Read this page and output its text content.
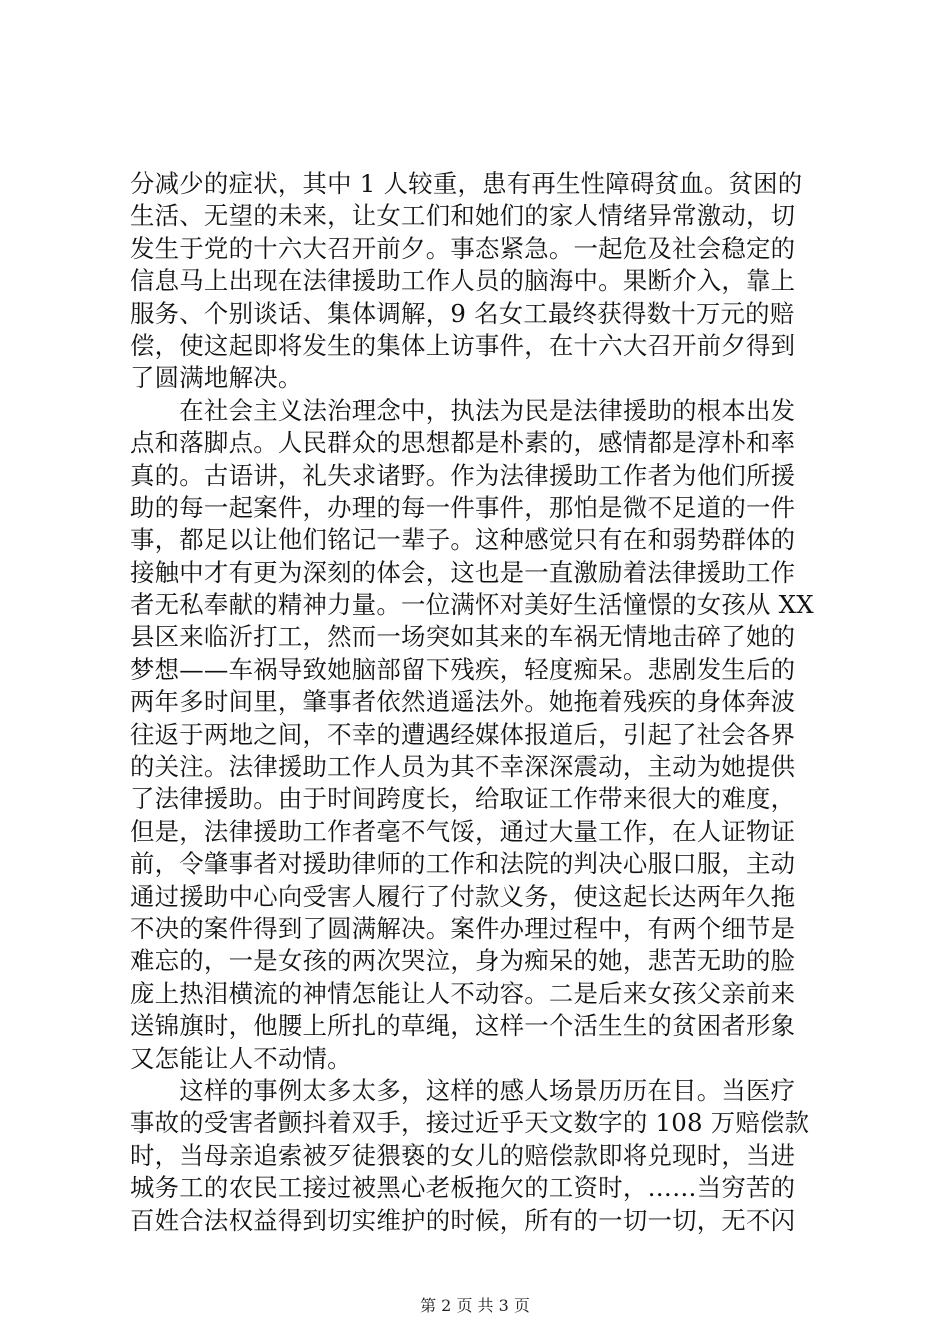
分减少的症状，其中 1 人较重，患有再生性障碍贫血。贫困的
生活、无望的未来，让女工们和她们的家人情绪异常激动，切
发生于党的十六大召开前夕。事态紧急。一起危及社会稳定的
信息马上出现在法律援助工作人员的脑海中。果断介入，靠上
服务、个别谈话、集体调解，9 名女工最终获得数十万元的赔
偿，使这起即将发生的集体上访事件，在十六大召开前夕得到
了圆满地解决。
　　在社会主义法治理念中，执法为民是法律援助的根本出发
点和落脚点。人民群众的思想都是朴素的，感情都是淳朴和率
真的。古语讲，礼失求诸野。作为法律援助工作者为他们所援
助的每一起案件，办理的每一件事件，那怕是微不足道的一件
事，都足以让他们铭记一辈子。这种感觉只有在和弱势群体的
接触中才有更为深刻的体会，这也是一直激励着法律援助工作
者无私奉献的精神力量。一位满怀对美好生活憧憬的女孩从 XX
县区来临沂打工，然而一场突如其来的车祸无情地击碎了她的
梦想——车祸导致她脑部留下残疾，轻度痴呆。悲剧发生后的
两年多时间里，肇事者依然逍遥法外。她拖着残疾的身体奔波
往返于两地之间，不幸的遭遇经媒体报道后，引起了社会各界
的关注。法律援助工作人员为其不幸深深震动，主动为她提供
了法律援助。由于时间跨度长，给取证工作带来很大的难度，
但是，法律援助工作者毫不气馁，通过大量工作，在人证物证
前，令肇事者对援助律师的工作和法院的判决心服口服，主动
通过援助中心向受害人履行了付款义务，使这起长达两年久拖
不决的案件得到了圆满解决。案件办理过程中，有两个细节是
难忘的，一是女孩的两次哭泣，身为痴呆的她，悲苦无助的脸
庞上热泪横流的神情怎能让人不动容。二是后来女孩父亲前来
送锦旗时，他腰上所扎的草绳，这样一个活生生的贫困者形象
又怎能让人不动情。
　　这样的事例太多太多，这样的感人场景历历在目。当医疗
事故的受害者颤抖着双手，接过近乎天文数字的 108 万赔偿款
时，当母亲追索被歹徒猥亵的女儿的赔偿款即将兑现时，当进
城务工的农民工接过被黑心老板拖欠的工资时，……当穷苦的
百姓合法权益得到切实维护的时候，所有的一切一切，无不闪
第 2 页 共 3 页
